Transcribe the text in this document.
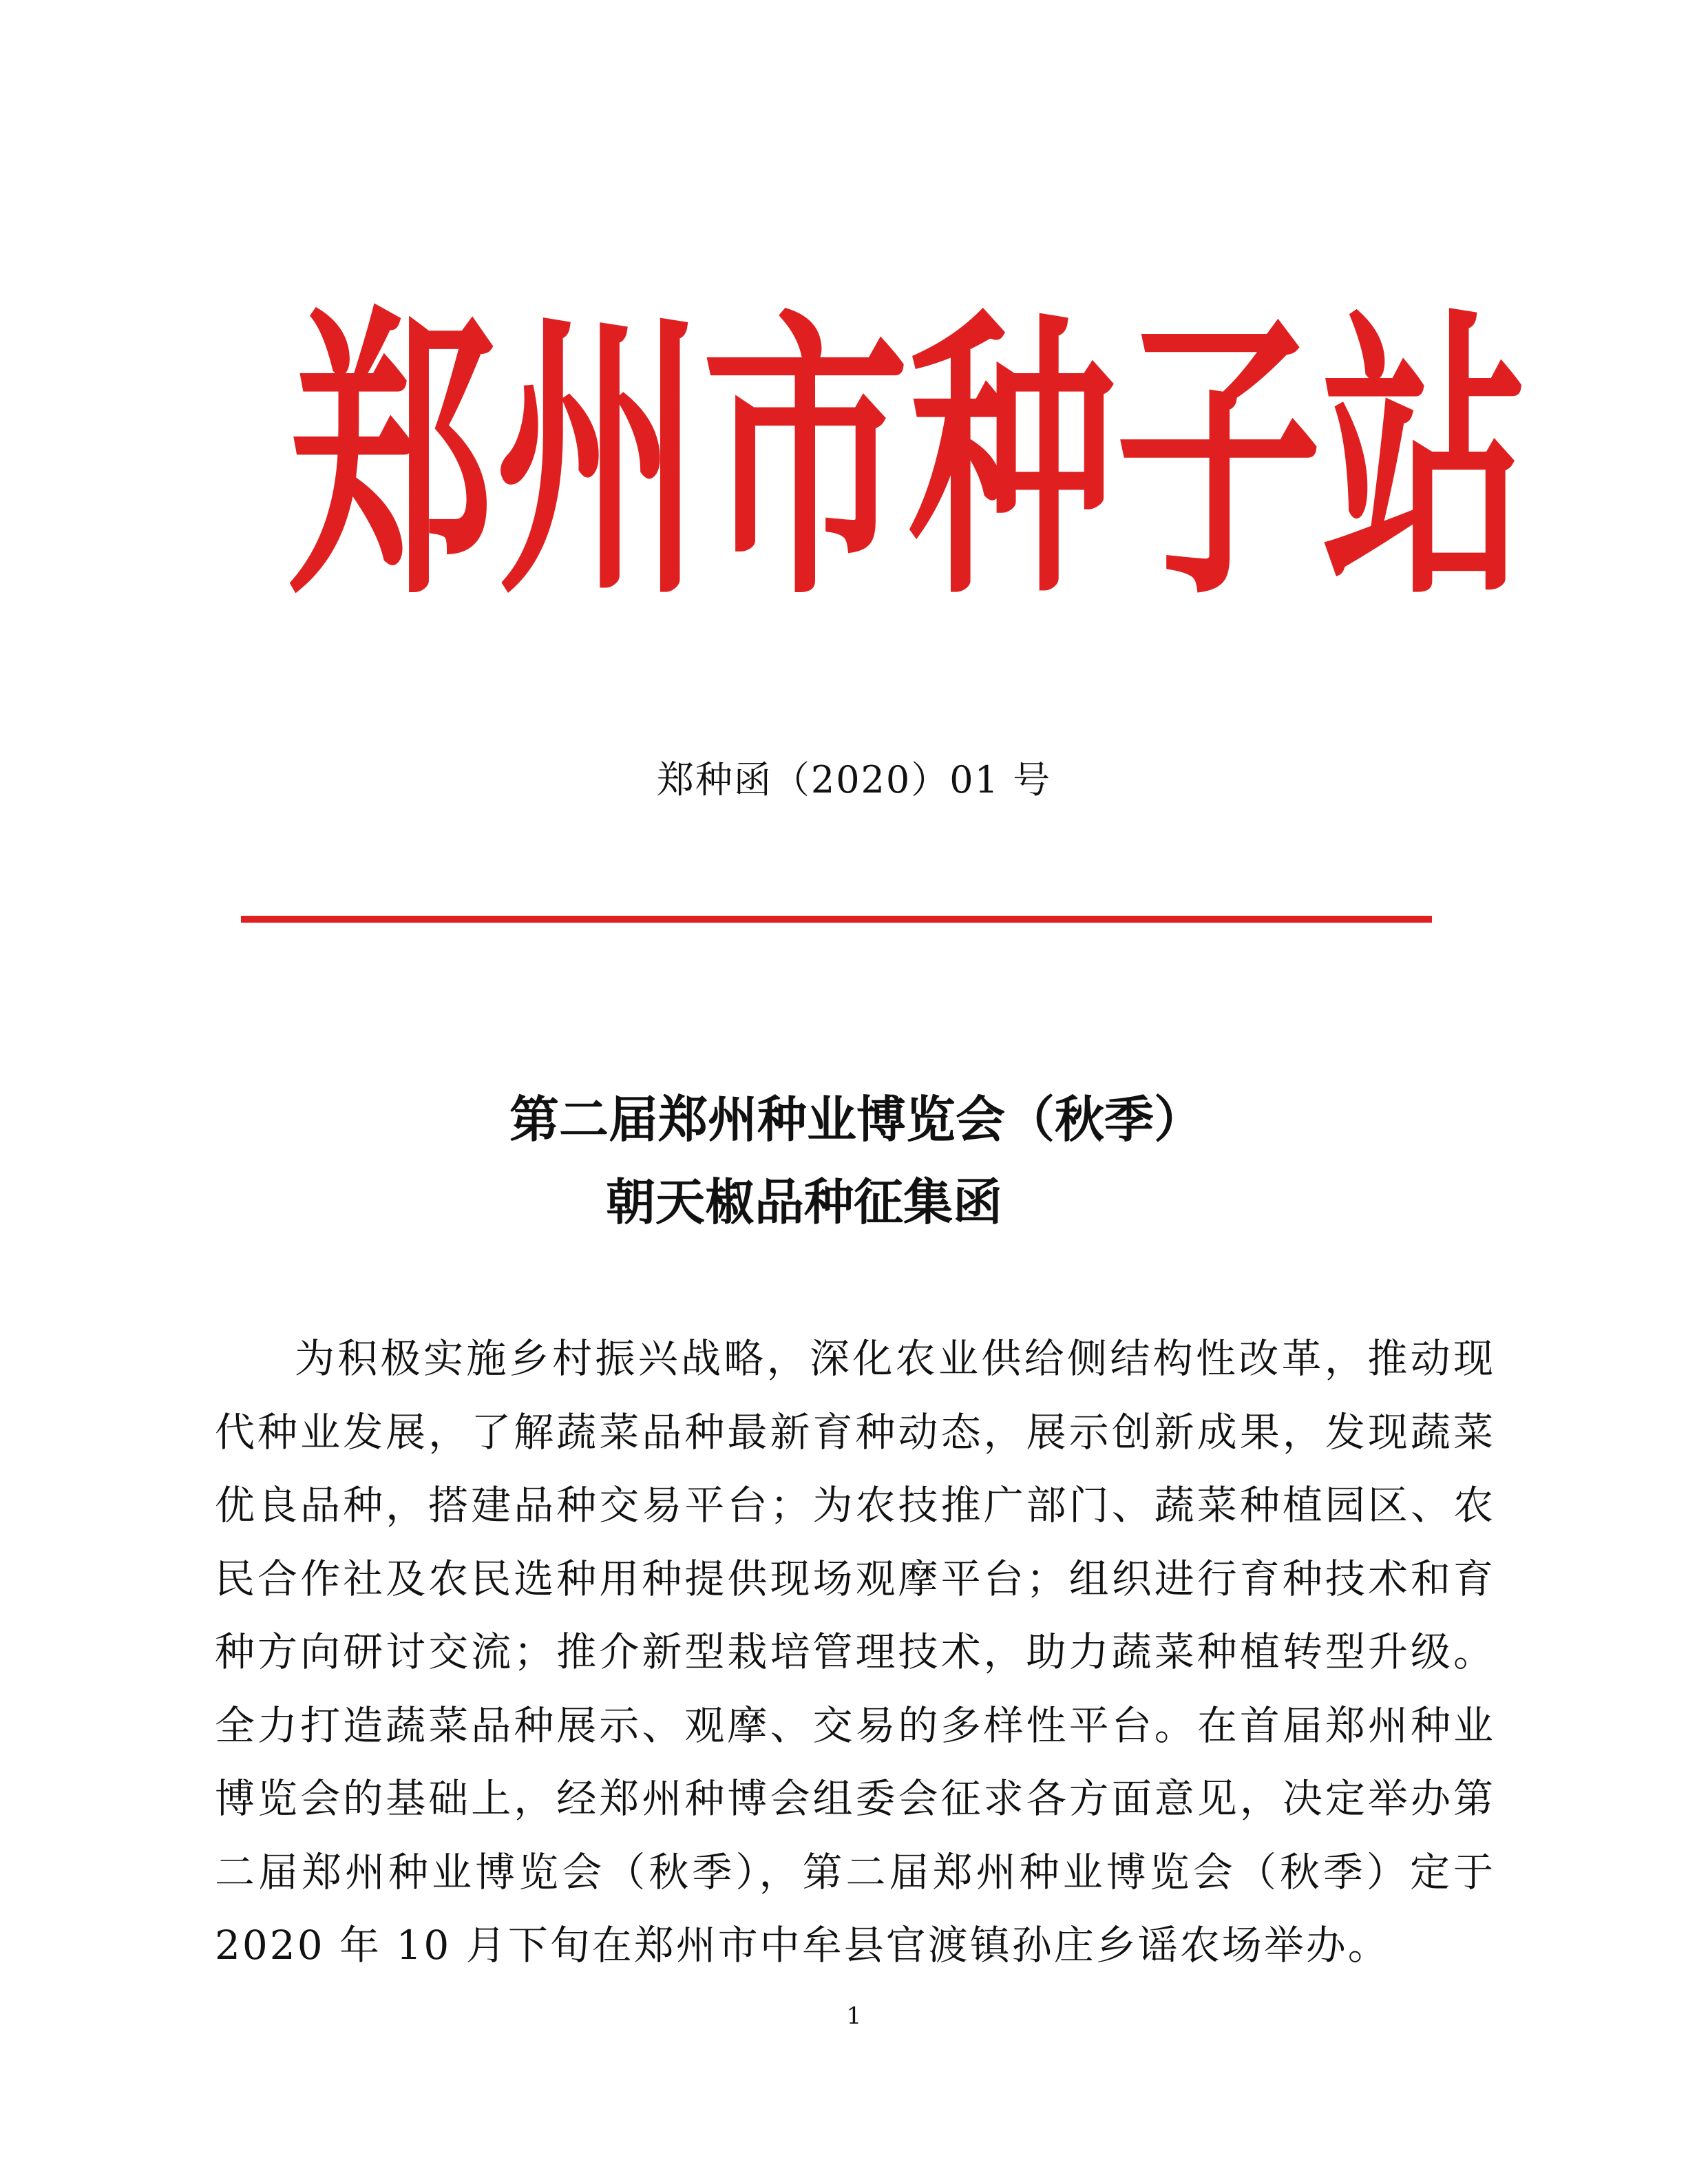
郑 州 市 种 子 站
郑种函（2020）01 号
第二届郑州种业博览会（秋季）
朝天椒品种征集函

为积极实施乡村振兴战略，深化农业供给侧结构性改革，推动现代种业发展，了解蔬菜品种最新育种动态，展示创新成果，发现蔬菜优良品种，搭建品种交易平台；为农技推广部门、蔬菜种植园区、农民合作社及农民选种用种提供现场观摩平台；组织进行育种技术和育种方向研讨交流；推介新型栽培管理技术，助力蔬菜种植转型升级。全力打造蔬菜品种展示、观摩、交易的多样性平台。在首届郑州种业博览会的基础上，经郑州种博会组委会征求各方面意见，决定举办第二届郑州种业博览会（秋季），第二届郑州种业博览会（秋季）定于2020 年 10 月下旬在郑州市中牟县官渡镇孙庄乡谣农场举办。

1
